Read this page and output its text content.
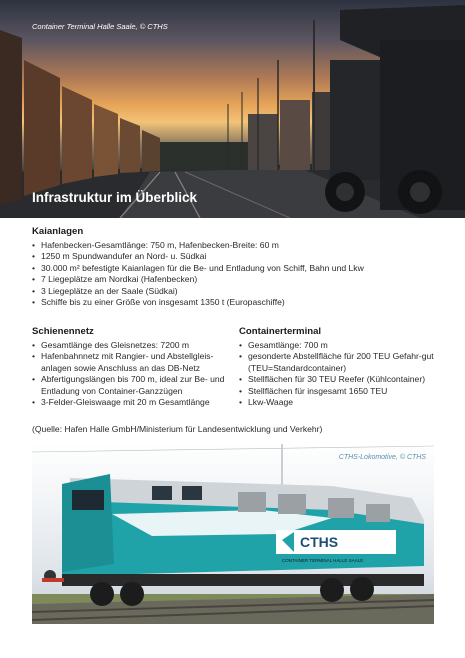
Container Terminal Halle Saale, © CTHS
Infrastruktur im Überblick
Kaianlagen
• Hafenbecken-Gesamtlänge: 750 m, Hafenbecken-Breite: 60 m
• 1250 m Spundwandufer an Nord- u. Südkai
• 30.000 m² befestigte Kaianlagen für die Be- und Entladung von Schiff, Bahn und Lkw
• 7 Liegeplätze am Nordkai (Hafenbecken)
• 3 Liegeplätze an der Saale (Südkai)
• Schiffe bis zu einer Größe von insgesamt 1350 t (Europaschiffe)
Schienennetz
• Gesamtlänge des Gleisnetzes: 7200 m
• Hafenbahnnetz mit Rangier- und Abstellgleis-anlagen sowie Anschluss an das DB-Netz
• Abfertigungslängen bis 700 m, ideal zur Be- und Entladung von Container-Ganzzügen
• 3-Felder-Gleiswaage mit 20 m Gesamtlänge
Containerterminal
• Gesamtlänge: 700 m
• gesonderte Abstellfläche für 200 TEU Gefahr-gut (TEU=Standardcontainer)
• Stellflächen für 30 TEU Reefer (Kühlcontainer)
• Stellflächen für insgesamt 1650 TEU
• Lkw-Waage
(Quelle: Hafen Halle GmbH/Ministerium für Landesentwicklung und Verkehr)
CTHS
CONTAINER TERMINAL HALLE SAALE
CTHS-Lokomotive, © CTHS
